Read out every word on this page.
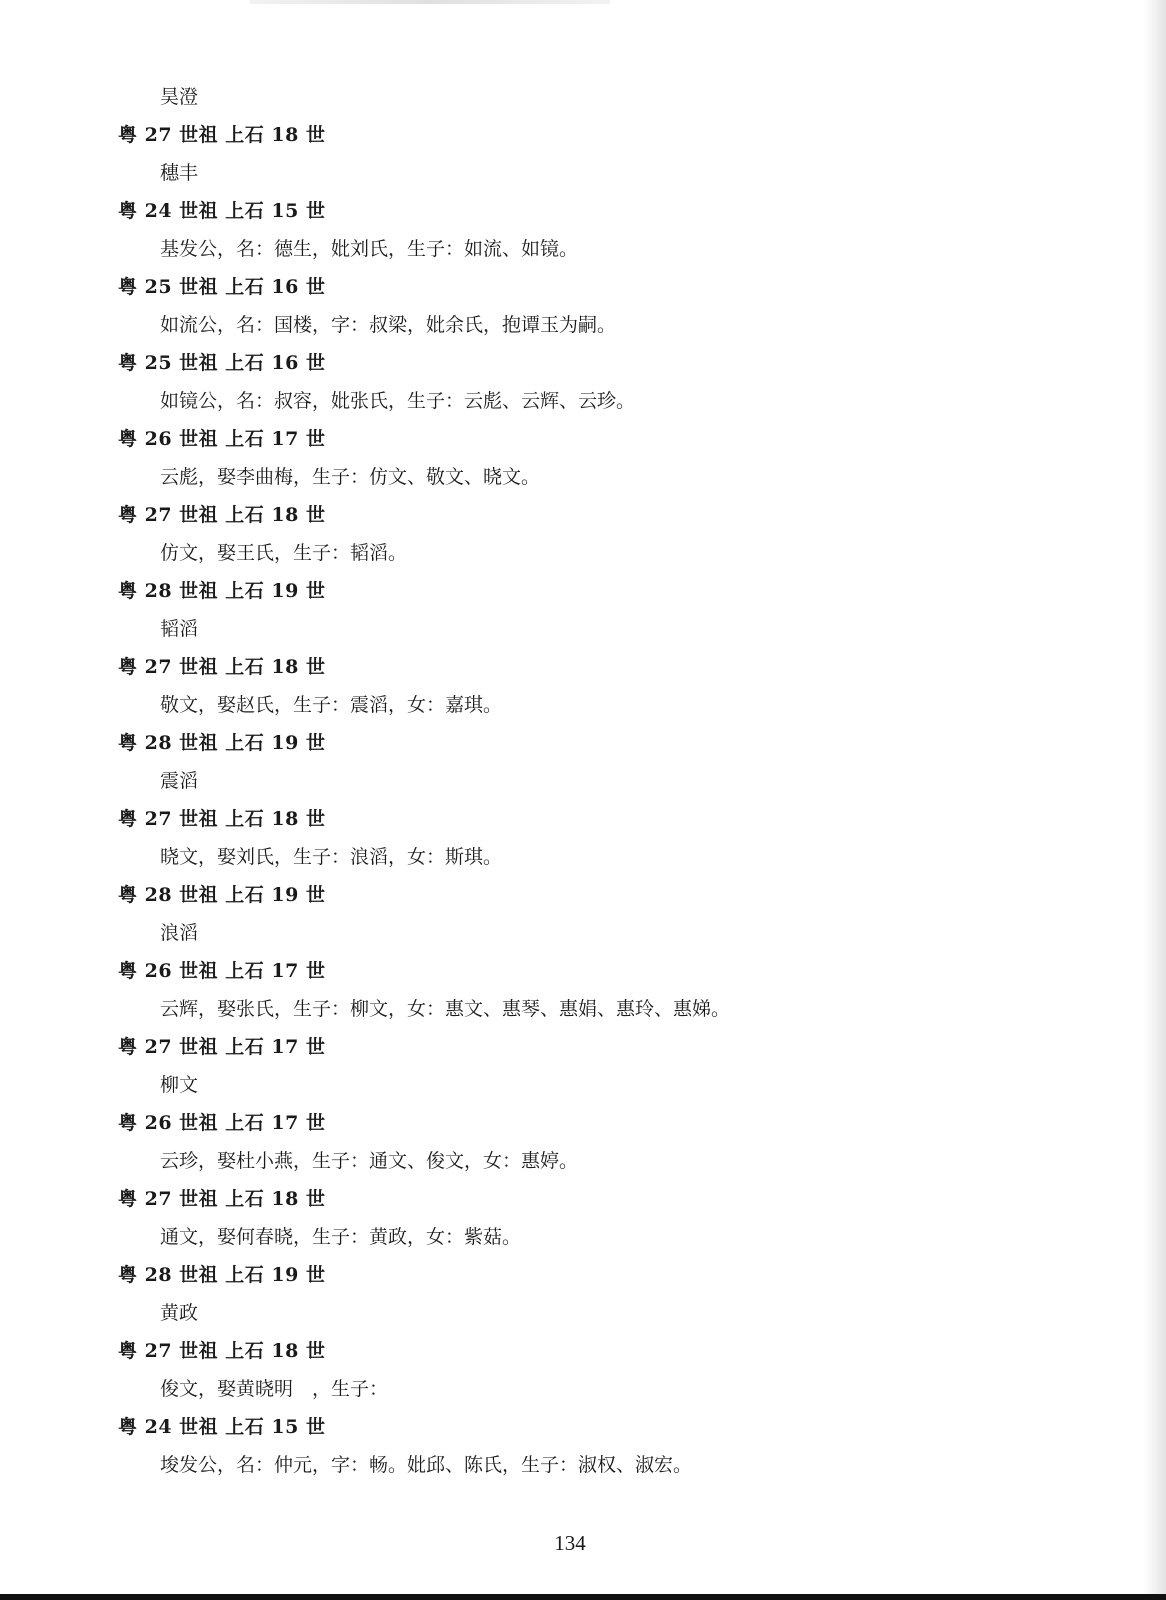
昊澄
粤 27 世祖 上石 18 世
穗丰
粤 24 世祖 上石 15 世
基发公，名：德生，妣刘氏，生子：如流、如镜。
粤 25 世祖 上石 16 世
如流公，名：国楼，字：叔梁，妣余氏，抱谭玉为嗣。
粤 25 世祖 上石 16 世
如镜公，名：叔容，妣张氏，生子：云彪、云辉、云珍。
粤 26 世祖 上石 17 世
云彪，娶李曲梅，生子：仿文、敬文、晓文。
粤 27 世祖 上石 18 世
仿文，娶王氏，生子：韬滔。
粤 28 世祖 上石 19 世
韬滔
粤 27 世祖 上石 18 世
敬文，娶赵氏，生子：震滔，女：嘉琪。
粤 28 世祖 上石 19 世
震滔
粤 27 世祖 上石 18 世
晓文，娶刘氏，生子：浪滔，女：斯琪。
粤 28 世祖 上石 19 世
浪滔
粤 26 世祖 上石 17 世
云辉，娶张氏，生子：柳文，女：惠文、惠琴、惠娟、惠玲、惠娣。
粤 27 世祖 上石 17 世
柳文
粤 26 世祖 上石 17 世
云珍，娶杜小燕，生子：通文、俊文，女：惠婷。
粤 27 世祖 上石 18 世
通文，娶何春晓，生子：黄政，女：紫菇。
粤 28 世祖 上石 19 世
黄政
粤 27 世祖 上石 18 世
俊文，娶黄晓明　，生子：
粤 24 世祖 上石 15 世
埈发公，名：仲元，字：畅。妣邱、陈氏，生子：淑权、淑宏。
134
